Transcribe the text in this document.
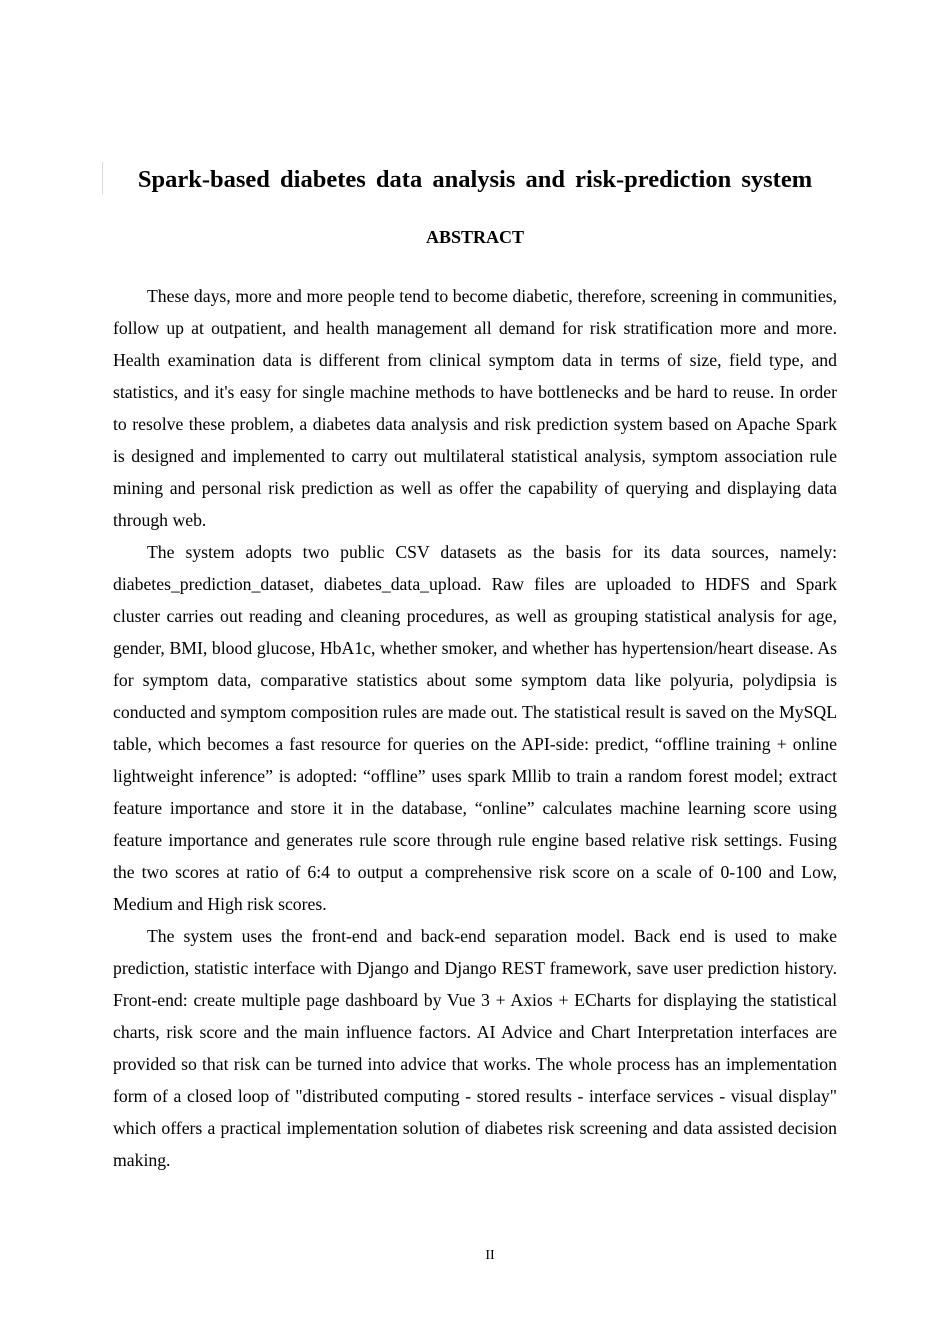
Spark-based diabetes data analysis and risk-prediction system
ABSTRACT

These days, more and more people tend to become diabetic, therefore, screening in communities, follow up at outpatient, and health management all demand for risk stratification more and more. Health examination data is different from clinical symptom data in terms of size, field type, and statistics, and it's easy for single machine methods to have bottlenecks and be hard to reuse. In order to resolve these problem, a diabetes data analysis and risk prediction system based on Apache Spark is designed and implemented to carry out multilateral statistical analysis, symptom association rule mining and personal risk prediction as well as offer the capability of querying and displaying data through web.

The system adopts two public CSV datasets as the basis for its data sources, namely: diabetes_prediction_dataset, diabetes_data_upload. Raw files are uploaded to HDFS and Spark cluster carries out reading and cleaning procedures, as well as grouping statistical analysis for age, gender, BMI, blood glucose, HbA1c, whether smoker, and whether has hypertension/heart disease. As for symptom data, comparative statistics about some symptom data like polyuria, polydipsia is conducted and symptom composition rules are made out. The statistical result is saved on the MySQL table, which becomes a fast resource for queries on the API-side: predict, “offline training + online lightweight inference” is adopted: “offline” uses spark Mllib to train a random forest model; extract feature importance and store it in the database, “online” calculates machine learning score using feature importance and generates rule score through rule engine based relative risk settings. Fusing the two scores at ratio of 6:4 to output a comprehensive risk score on a scale of 0-100 and Low, Medium and High risk scores.

The system uses the front-end and back-end separation model. Back end is used to make prediction, statistic interface with Django and Django REST framework, save user prediction history. Front-end: create multiple page dashboard by Vue 3 + Axios + ECharts for displaying the statistical charts, risk score and the main influence factors. AI Advice and Chart Interpretation interfaces are provided so that risk can be turned into advice that works. The whole process has an implementation form of a closed loop of "distributed computing - stored results - interface services - visual display" which offers a practical implementation solution of diabetes risk screening and data assisted decision making.

II
